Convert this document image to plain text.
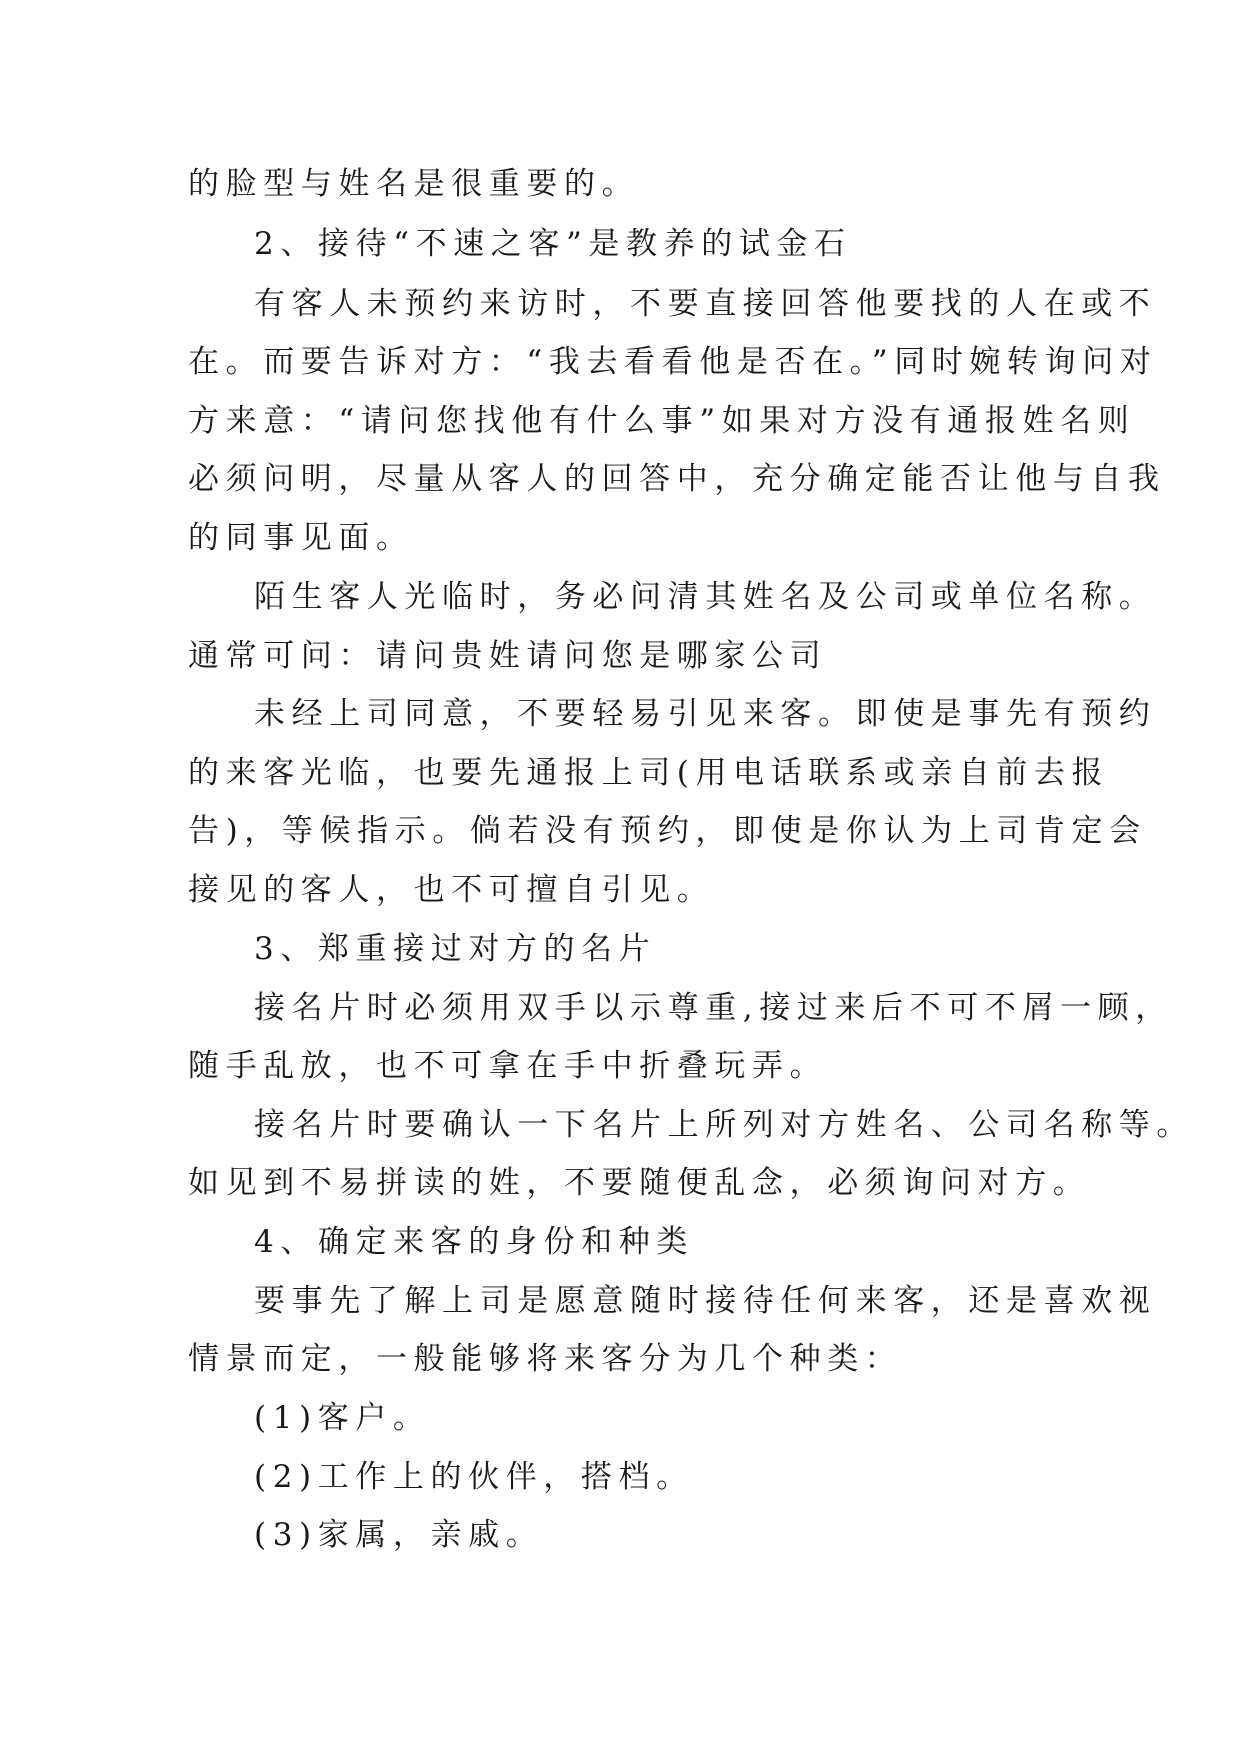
的脸型与姓名是很重要的。
2、接待“不速之客”是教养的试金石
有客人未预约来访时，不要直接回答他要找的人在或不
在。而要告诉对方：“我去看看他是否在。”同时婉转询问对
方来意：“请问您找他有什么事”如果对方没有通报姓名则
必须问明，尽量从客人的回答中，充分确定能否让他与自我
的同事见面。
陌生客人光临时，务必问清其姓名及公司或单位名称。
通常可问：请问贵姓请问您是哪家公司
未经上司同意，不要轻易引见来客。即使是事先有预约
的来客光临，也要先通报上司(用电话联系或亲自前去报
告)，等候指示。倘若没有预约，即使是你认为上司肯定会
接见的客人，也不可擅自引见。
3、郑重接过对方的名片
接名片时必须用双手以示尊重,接过来后不可不屑一顾，
随手乱放，也不可拿在手中折叠玩弄。
接名片时要确认一下名片上所列对方姓名、公司名称等。
如见到不易拼读的姓，不要随便乱念，必须询问对方。
4、确定来客的身份和种类
要事先了解上司是愿意随时接待任何来客，还是喜欢视
情景而定，一般能够将来客分为几个种类：
(1)客户。
(2)工作上的伙伴，搭档。
(3)家属，亲戚。
